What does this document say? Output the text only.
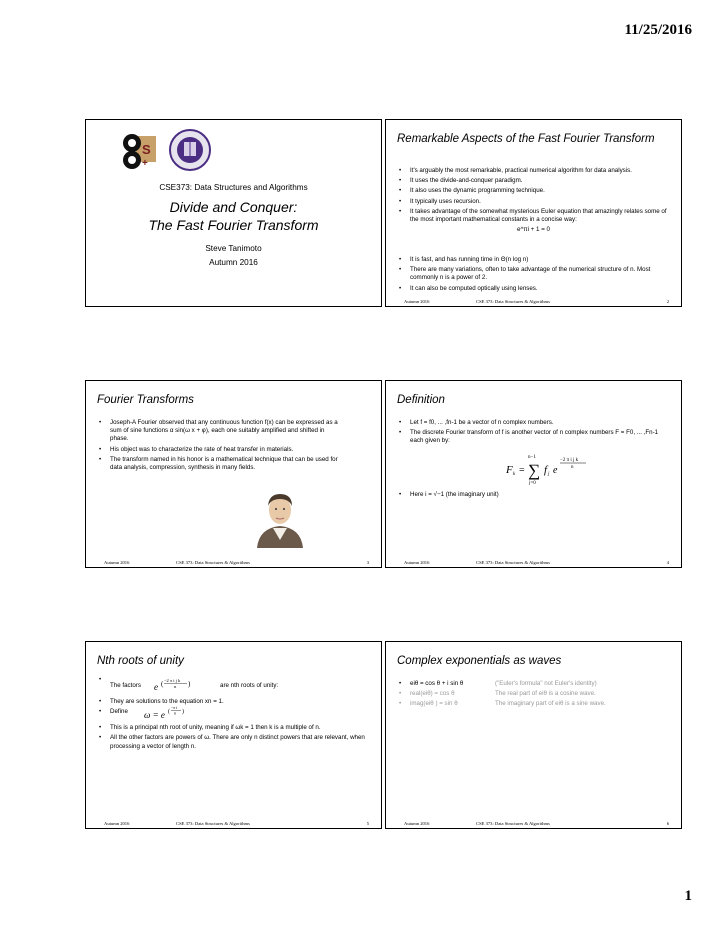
11/25/2016
S
+
CSE373: Data Structures and Algorithms
Divide and Conquer:
The Fast Fourier Transform
Steve Tanimoto
Autumn 2016
Remarkable Aspects of the Fast Fourier Transform
• It's arguably the most remarkable, practical numerical algorithm for data analysis.
• It uses the divide-and-conquer paradigm.
• It also uses the dynamic programming technique.
• It typically uses recursion.
• It takes advantage of the somewhat mysterious Euler equation that amazingly relates some of the most important mathematical constants in a concise way:
e^πi + 1 = 0
• It is fast, and has running time in Θ(n log n)
• There are many variations, often to take advantage of the numerical structure of n. Most commonly n is a power of 2.
• It can also be computed optically using lenses.
Autumn 2016	CSE 373: Data Structures & Algorithms	2
Fourier Transforms
• Joseph-A Fourier observed that any continuous function f(x) can be expressed as a sum of sine functions α sin(ω x + φ), each one suitably amplified and shifted in phase.
• His object was to characterize the rate of heat transfer in materials.
• The transform named in his honor is a mathematical technique that can be used for data analysis, compression, synthesis in many fields.
Autumn 2016	CSE 373: Data Structures & Algorithms	3
Definition
• Let f = f0, ... ,fn-1 be a vector of n complex numbers.
• The discrete Fourier transform of f is another vector of n complex numbers F = F0, ... ,Fn-1 each given by:
F k =
n−1
∑
j=0
f j e
−2 π i j k
n
• Here i = √−1 (the imaginary unit)
Autumn 2016	CSE 373: Data Structures & Algorithms	4
Nth roots of unity
• The factors e ( −2 π i j k
n )	are nth roots of unity:
• They are solutions to the equation xn = 1.
• Define ω = e (
−π i
n )
• This is a principal nth root of unity, meaning if ωk = 1 then k is a multiple of n.
• All the other factors are powers of ω. There are only n distinct powers that are relevant, when processing a vector of length n.
Autumn 2016	CSE 373: Data Structures & Algorithms	5
Complex exponentials as waves
• eiθ = cos θ + i sin θ	("Euler's formula" not Euler's identity)
• real(eiθ) = cos θ	The real part of eiθ is a cosine wave.
• imag(eiθ ) = sin θ	The imaginary part of eiθ is a sine wave.
Autumn 2016	CSE 373: Data Structures & Algorithms	6
1
